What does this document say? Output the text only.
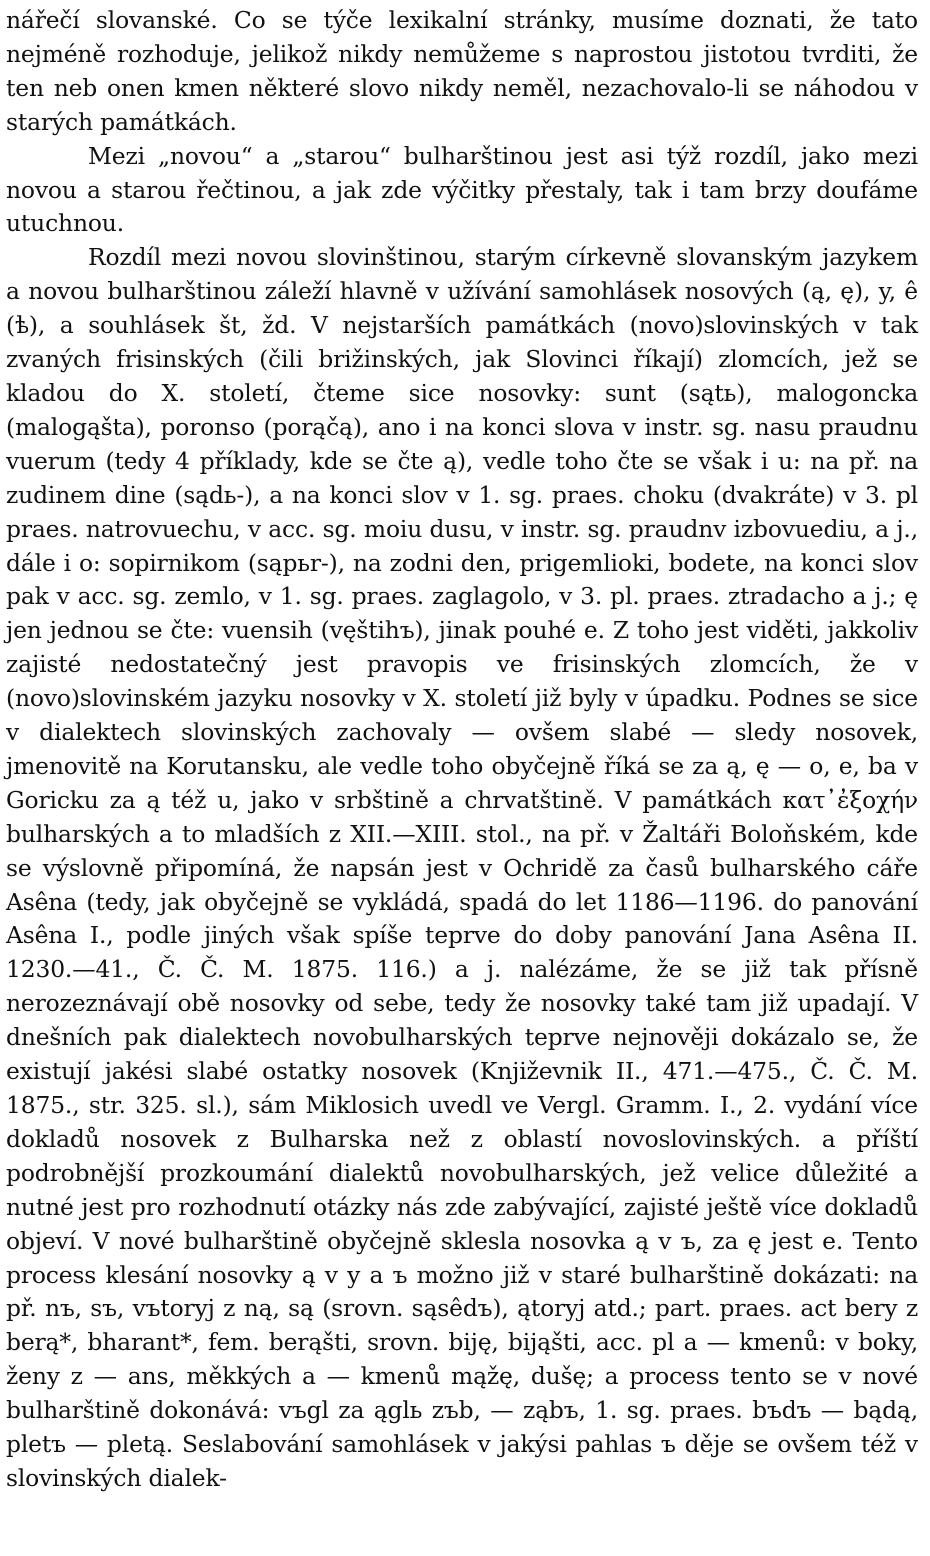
nářečí slovanské. Co se týče lexikalní stránky, musíme doznati, že tato nejméně rozhoduje, jelikož nikdy nemůžeme s naprostou jistotou tvrditi, že ten neb onen kmen některé slovo nikdy neměl, nezachovalo-li se náhodou v starých památkách.

Mezi „novou“ a „starou“ bulharštinou jest asi týž rozdíl, jako mezi novou a starou řečtinou, a jak zde výčitky přestaly, tak i tam brzy doufáme utuchnou.

Rozdíl mezi novou slovinštinou, starým církevně slovanským jazykem a novou bulharštinou záleží hlavně v užívání samohlásek nosových (ą, ę), y, ê (ѣ), a souhlásek št, žd. V nejstarších památkách (novo)slovinských v tak zvaných frisinských (čili brižinských, jak Slovinci říkají) zlomcích, jež se kladou do X. století, čteme sice nosovky: sunt (sątь), malogoncka (malogąšta), poronso (porąčą), ano i na konci slova v instr. sg. nasu praudnu vuerum (tedy 4 příklady, kde se čte ą), vedle toho čte se však i u: na př. na zudinem dine (sądь-), a na konci slov v 1. sg. praes. choku (dvakráte) v 3. pl praes. natrovuechu, v acc. sg. moiu dusu, v instr. sg. praudnv izbovuediu, a j., dále i o: sopirnikom (sąpьr-), na zodni den, prigemlioki, bodete, na konci slov pak v acc. sg. zemlo, v 1. sg. praes. zaglagolo, v 3. pl. praes. ztradacho a j.; ę jen jednou se čte: vuensih (vęštihъ), jinak pouhé e. Z toho jest viděti, jakkoliv zajisté nedostatečný jest pravopis ve frisinských zlomcích, že v (novo)slovinském jazyku nosovky v X. století již byly v úpadku. Podnes se sice v dialektech slovinských zachovaly — ovšem slabé — sledy nosovek, jmenovitě na Korutansku, ale vedle toho obyčejně říká se za ą, ę — o, e, ba v Goricku za ą též u, jako v srbštině a chrvatštině. V památkách κατ᾽ἐξοχήν bulharských a to mladších z XII.—XIII. stol., na př. v Žaltáři Boloňském, kde se výslovně připomíná, že napsán jest v Ochridě za časů bulharského cáře Asêna (tedy, jak obyčejně se vykládá, spadá do let 1186—1196. do panování Asêna I., podle jiných však spíše teprve do doby panování Jana Asêna II. 1230.—41., Č. Č. M. 1875. 116.) a j. nalézáme, že se již tak přísně nerozeznávají obě nosovky od sebe, tedy že nosovky také tam již upadají. V dnešních pak dialektech novobulharských teprve nejnověji dokázalo se, že existují jakési slabé ostatky nosovek (Književnik II., 471.—475., Č. Č. M. 1875., str. 325. sl.), sám Miklosich uvedl ve Vergl. Gramm. I., 2. vydání více dokladů nosovek z Bulharska než z oblastí novoslovinských. a příští podrobnější prozkoumání dialektů novobulharských, jež velice důležité a nutné jest pro rozhodnutí otázky nás zde zabývající, zajisté ještě více dokladů objeví. V nové bulharštině obyčejně sklesla nosovka ą v ъ, za ę jest e. Tento process klesání nosovky ą v y a ъ možno již v staré bulharštině dokázati: na př. nъ, sъ, vъtoryj z ną, są (srovn. sąsêdъ), ątoryj atd.; part. praes. act bery z berą*, bharant*, fem. berąšti, srovn. biję, bijąšti, acc. pl a — kmenů: v boky, ženy z — ans, měkkých a — kmenů mąžę, dušę; a process tento se v nové bulharštině dokonává: vъgl za ąglь zъb, — ząbъ, 1. sg. praes. bъdъ — bądą, pletъ — pletą. Seslabování samohlásek v jakýsi pahlas ъ děje se ovšem též v slovinských dialek-
